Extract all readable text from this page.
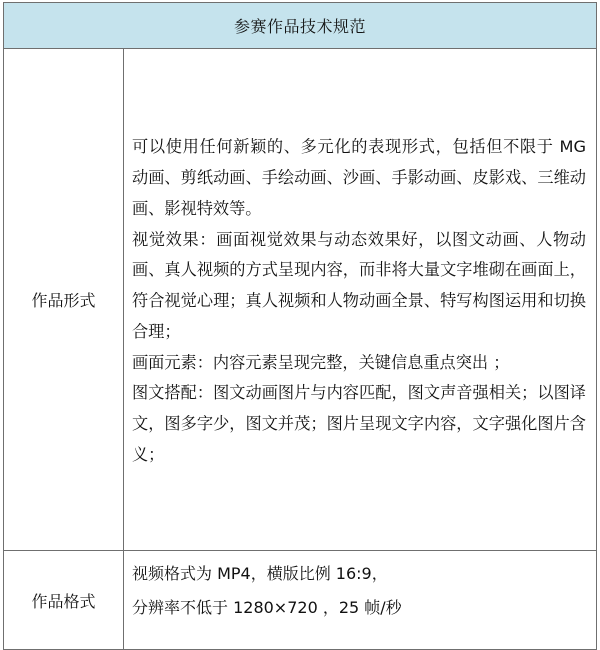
参赛作品技术规范	
作品形式	可以使用任何新颖的、多元化的表现形式，包括但不限于 MG 动画、剪纸动画、手绘动画、沙画、手影动画、皮影戏、三维动画、影视特效等。

视觉效果：画面视觉效果与动态效果好，以图文动画、人物动画、真人视频的方式呈现内容，而非将大量文字堆砌在画面上，符合视觉心理；真人视频和人物动画全景、特写构图运用和切换合理；

画面元素：内容元素呈现完整，关键信息重点突出 ；

图文搭配：图文动画图片与内容匹配，图文声音强相关；以图译文，图多字少，图文并茂；图片呈现文字内容，文字强化图片含义；

作品格式	视频格式为 MP4，横版比例 16:9，

分辨率不低于 1280×720 ，25 帧/秒
